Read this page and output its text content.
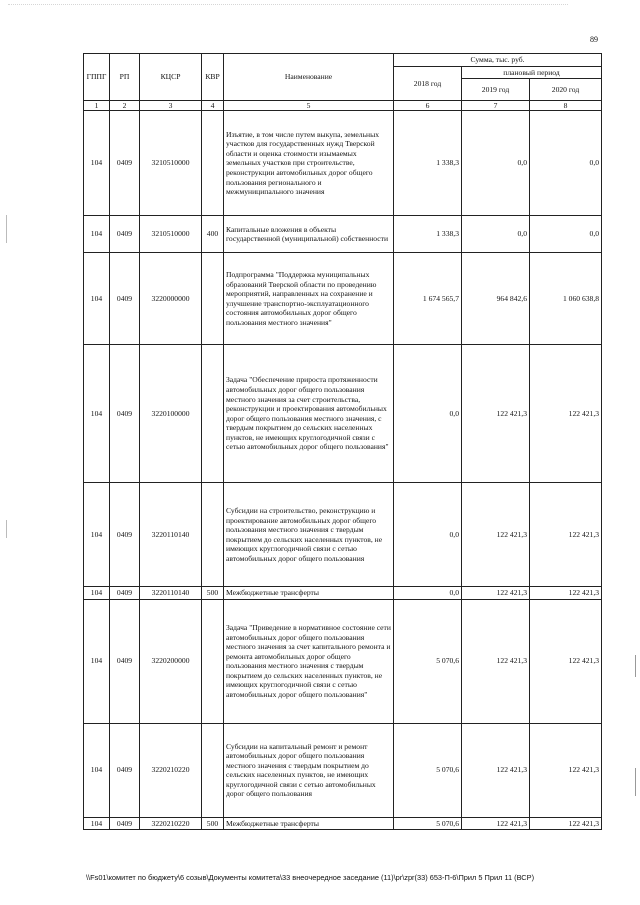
89
ГППГ	РП	КЦСР	КВР	Наименование	Сумма, тыс. руб.		
					2018 год	плановый период	
						2019 год	2020 год
1	2	3	4	5	6	7	8
104	0409	3210510000		Изъятие, в том числе путем выкупа, земельных участков для государственных нужд Тверской области и оценка стоимости изымаемых земельных участков при строительстве, реконструкции автомобильных дорог общего пользования регионального и межмуниципального значения	1 338,3	0,0	0,0
104	0409	3210510000	400	Капитальные вложения в объекты государственной (муниципальной) собственности	1 338,3	0,0	0,0
104	0409	3220000000		Подпрограмма "Поддержка муниципальных образований Тверской области по проведению мероприятий, направленных на сохранение и улучшение транспортно-эксплуатационного состояния автомобильных дорог общего пользования местного значения"	1 674 565,7	964 842,6	1 060 638,8
104	0409	3220100000		Задача "Обеспечение прироста протяженности автомобильных дорог общего пользования местного значения за счет строительства, реконструкции и проектирования автомобильных дорог общего пользования местного значения, с твердым покрытием до сельских населенных пунктов, не имеющих круглогодичной связи с сетью автомобильных дорог общего пользования"	0,0	122 421,3	122 421,3
104	0409	3220110140		Субсидии на строительство, реконструкцию и проектирование автомобильных дорог общего пользования местного значения с твердым покрытием до сельских населенных пунктов, не имеющих круглогодичной связи с сетью автомобильных дорог общего пользования	0,0	122 421,3	122 421,3
104	0409	3220110140	500	Межбюджетные трансферты	0,0	122 421,3	122 421,3
104	0409	3220200000		Задача "Приведение в нормативное состояние сети автомобильных дорог общего пользования местного значения за счет капитального ремонта и ремонта автомобильных дорог общего пользования местного значения с твердым покрытием до сельских населенных пунктов, не имеющих круглогодичной связи с сетью автомобильных дорог общего пользования"	5 070,6	122 421,3	122 421,3
104	0409	3220210220		Субсидии на капитальный ремонт и ремонт автомобильных дорог общего пользования местного значения с твердым покрытием до сельских населенных пунктов, не имеющих круглогодичной связи с сетью автомобильных дорог общего пользования	5 070,6	122 421,3	122 421,3
104	0409	3220210220	500	Межбюджетные трансферты	5 070,6	122 421,3	122 421,3
\\Fs01\комитет по бюджету\6 созыв\Документы комитета\33 внеочередное заседание (11)\pr\zpr(33) 653-П-6\Прил 5 Прил 11 (ВСР)
